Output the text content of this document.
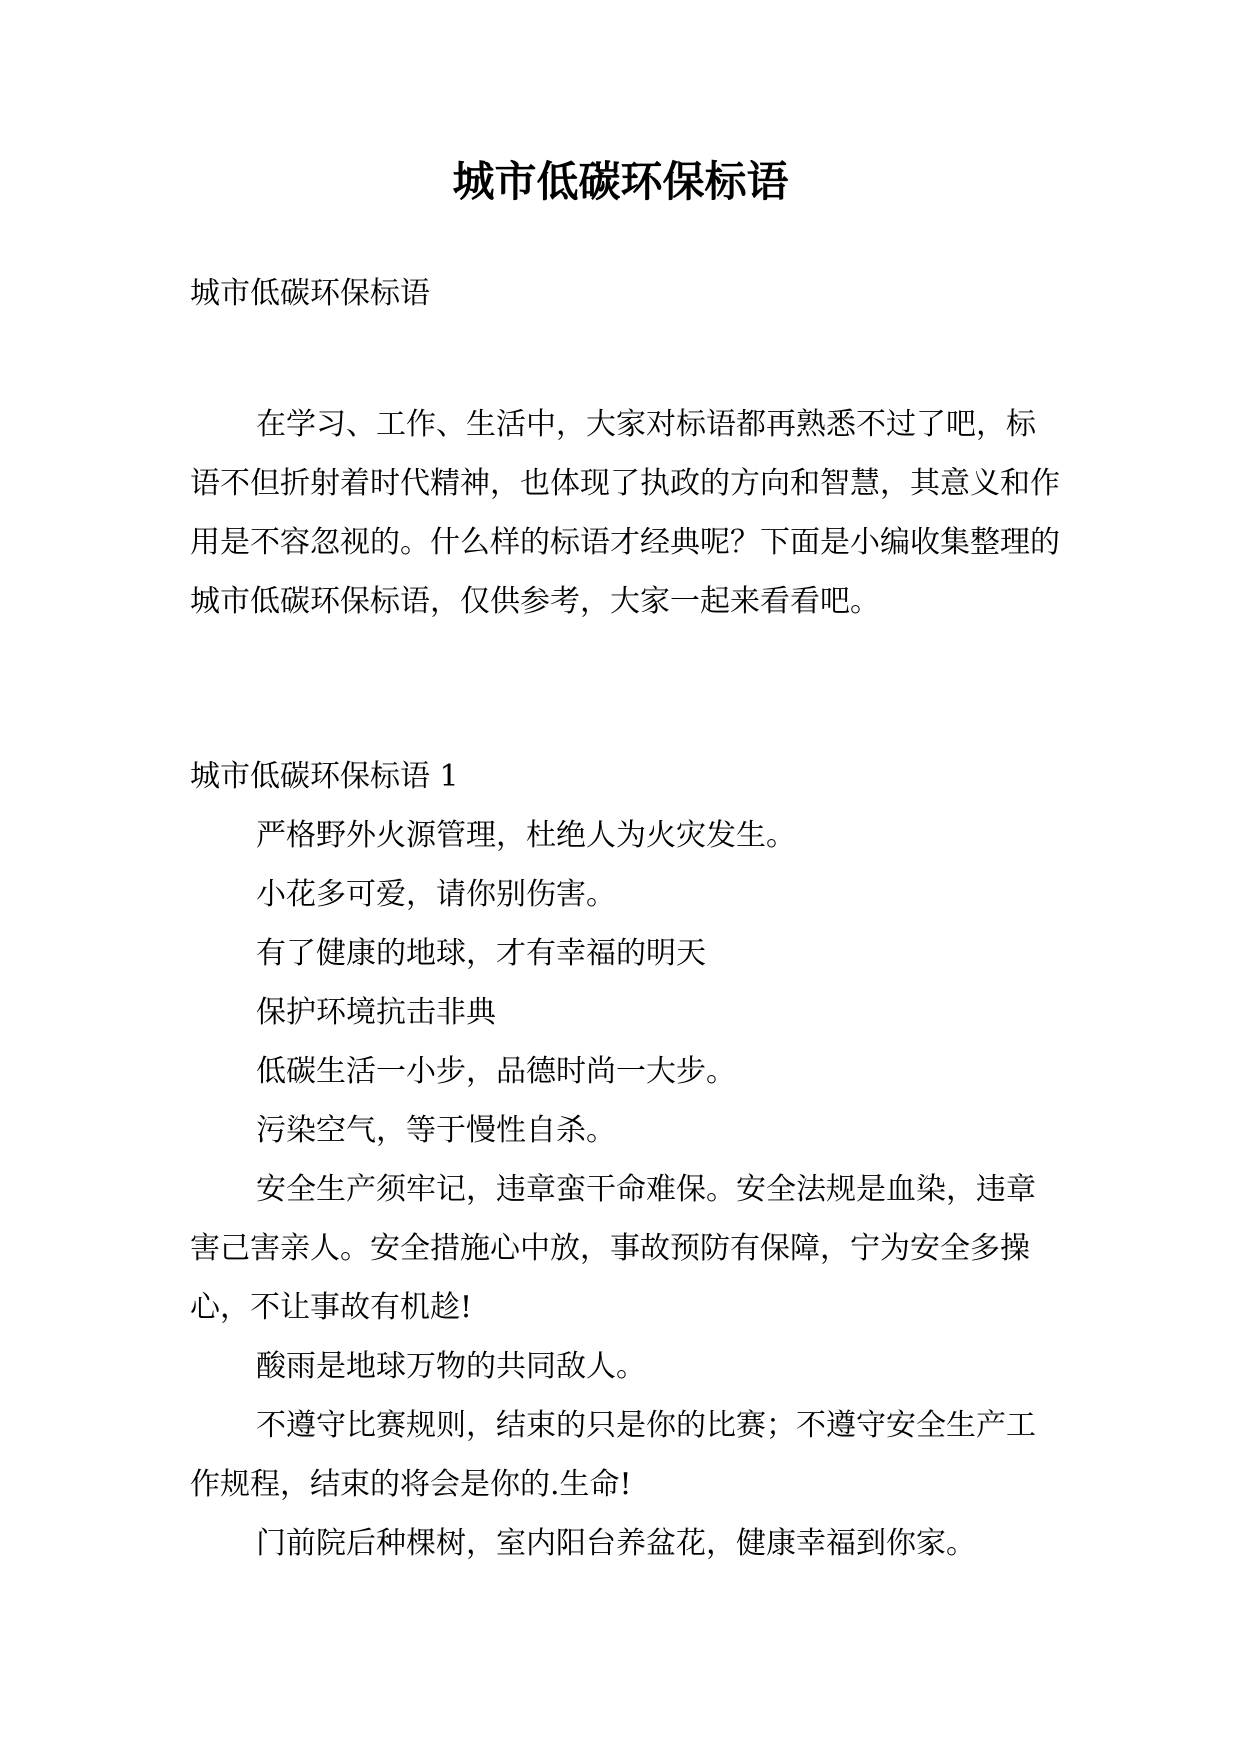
城市低碳环保标语

城市低碳环保标语

在学习、工作、生活中，大家对标语都再熟悉不过了吧，标语不但折射着时代精神，也体现了执政的方向和智慧，其意义和作用是不容忽视的。什么样的标语才经典呢？下面是小编收集整理的城市低碳环保标语，仅供参考，大家一起来看看吧。

城市低碳环保标语 1

严格野外火源管理，杜绝人为火灾发生。

小花多可爱，请你别伤害。

有了健康的地球，才有幸福的明天

保护环境抗击非典

低碳生活一小步，品德时尚一大步。

污染空气，等于慢性自杀。

安全生产须牢记，违章蛮干命难保。安全法规是血染，违章害己害亲人。安全措施心中放，事故预防有保障，宁为安全多操心，不让事故有机趁!

酸雨是地球万物的共同敌人。

不遵守比赛规则，结束的只是你的比赛；不遵守安全生产工作规程，结束的将会是你的.生命!

门前院后种棵树，室内阳台养盆花，健康幸福到你家。
